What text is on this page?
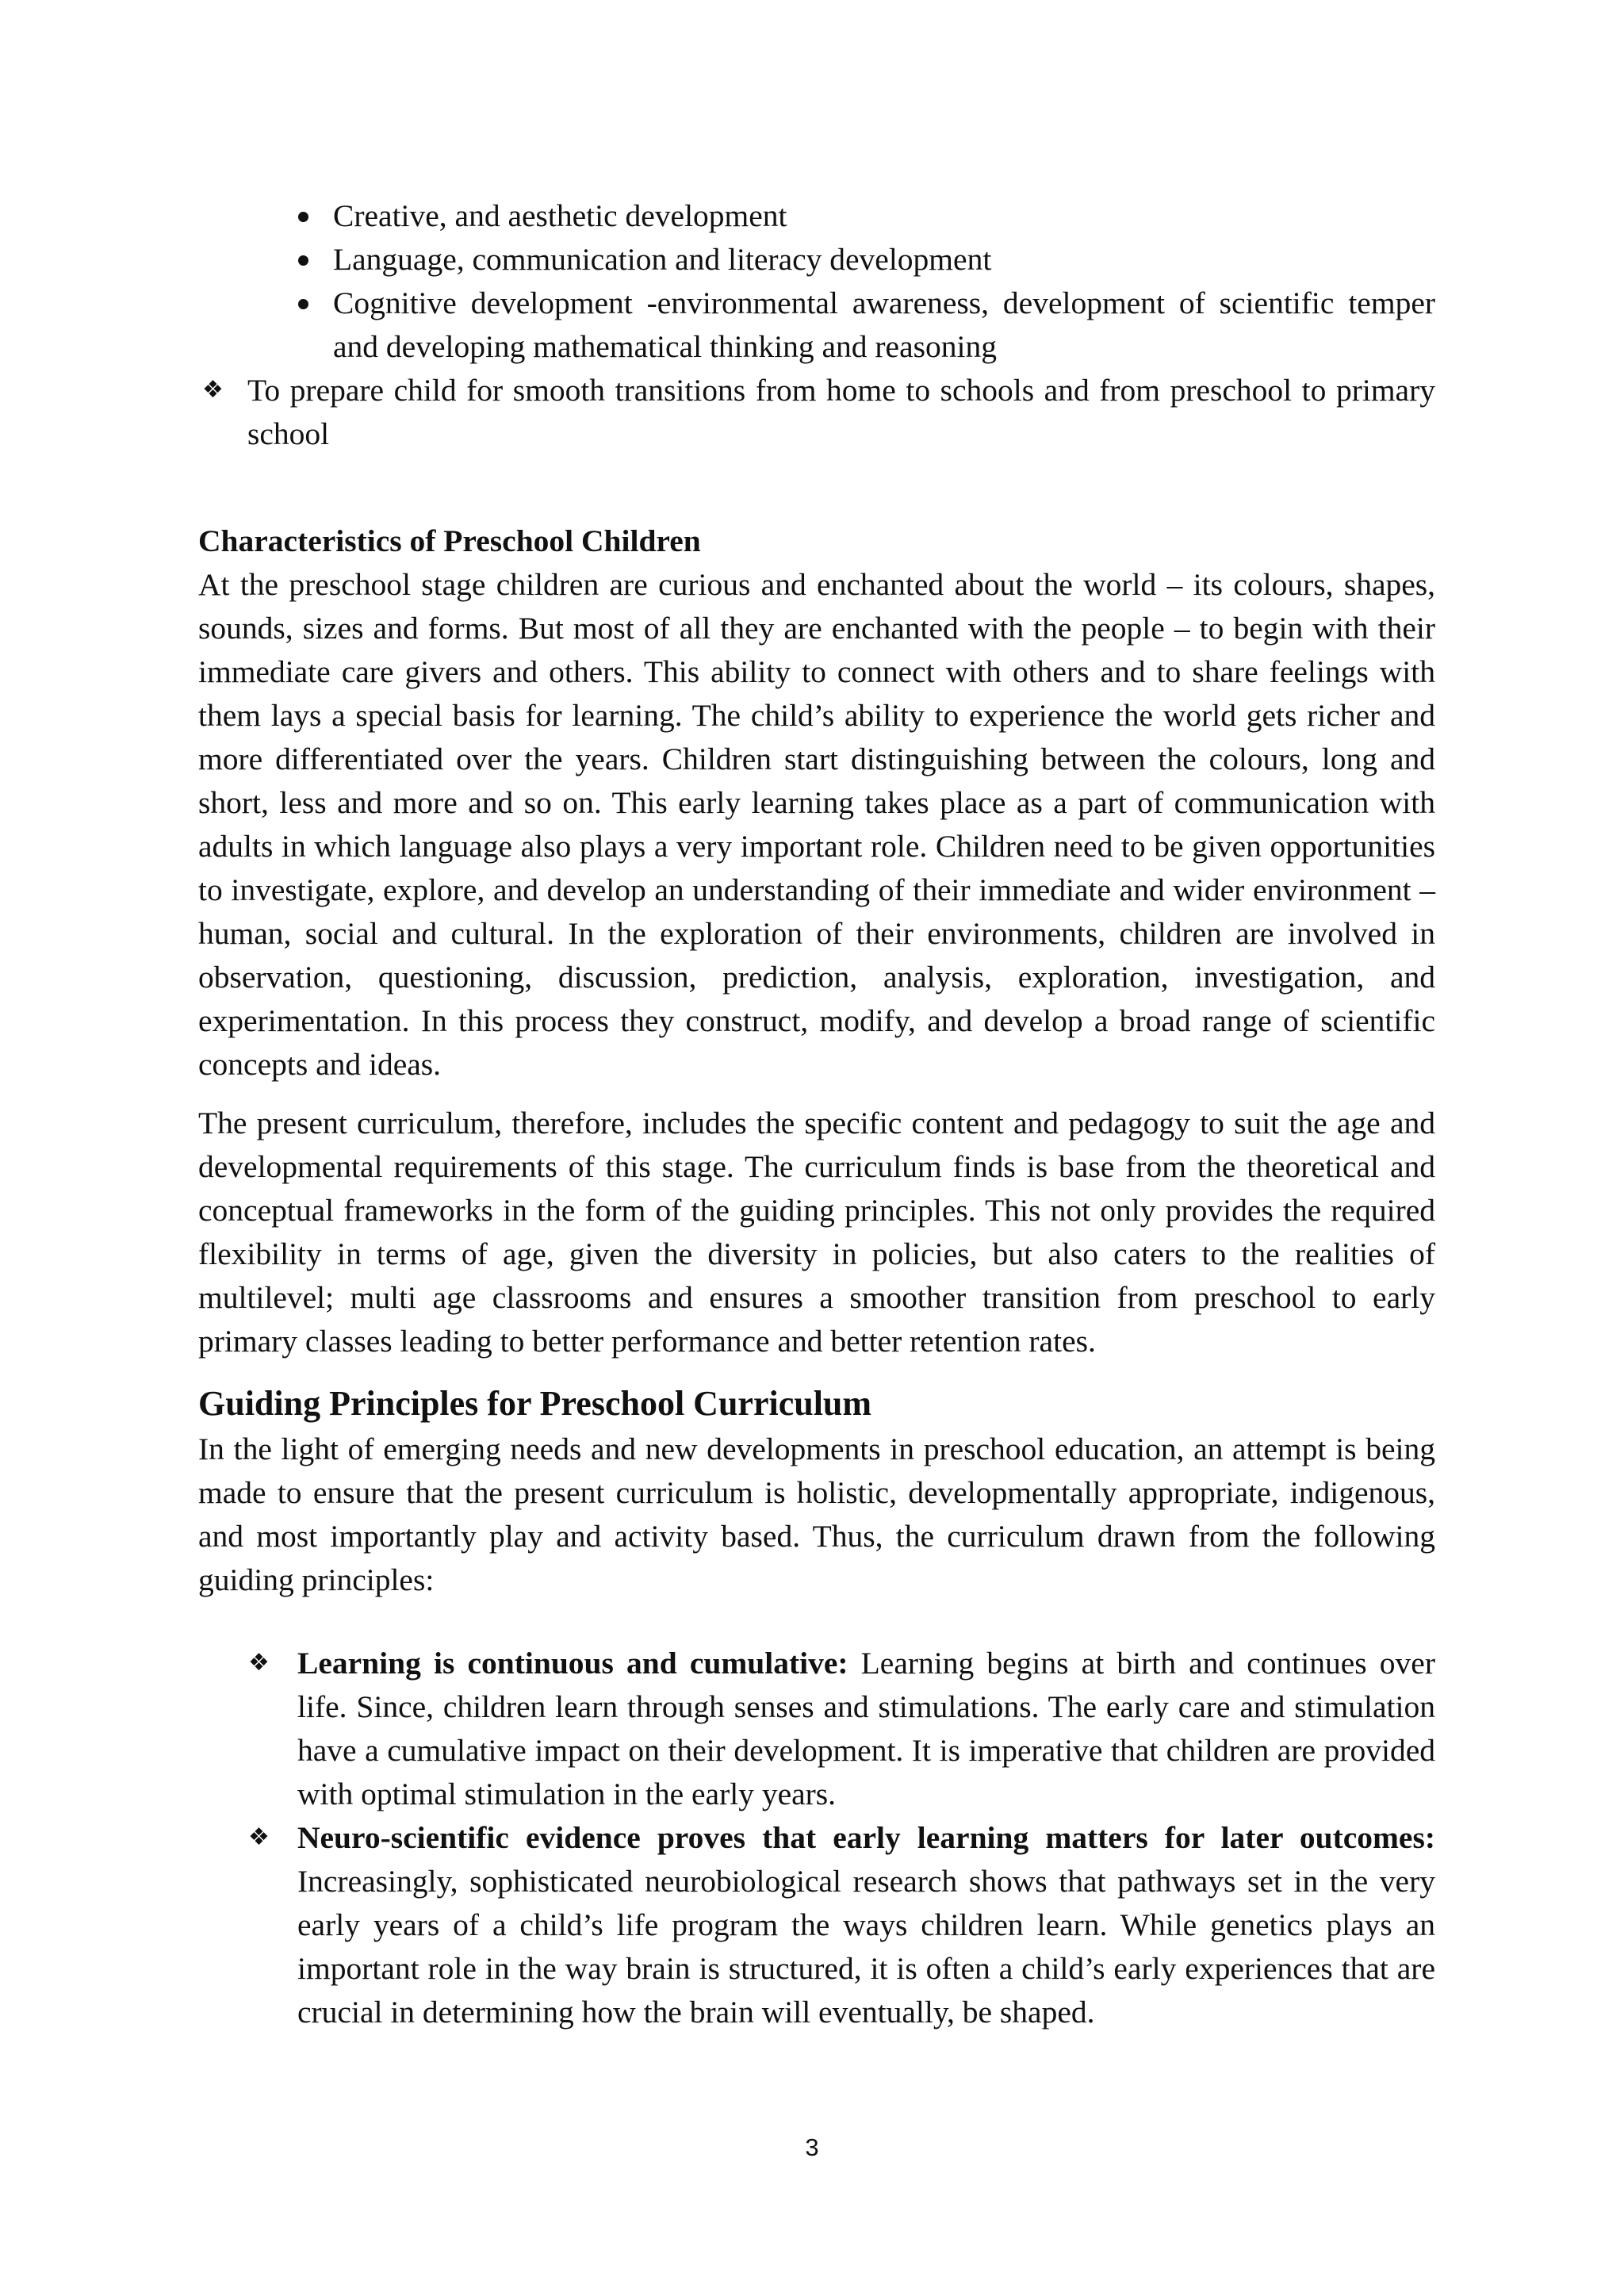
Creative, and aesthetic development
Language, communication and literacy development
Cognitive development -environmental awareness, development of scientific temper and developing mathematical thinking and reasoning
❖ To prepare child for smooth transitions from home to schools and from preschool to primary school

Characteristics of Preschool Children

At the preschool stage children are curious and enchanted about the world – its colours, shapes, sounds, sizes and forms. But most of all they are enchanted with the people – to begin with their immediate care givers and others. This ability to connect with others and to share feelings with them lays a special basis for learning. The child’s ability to experience the world gets richer and more differentiated over the years. Children start distinguishing between the colours, long and short, less and more and so on. This early learning takes place as a part of communication with adults in which language also plays a very important role. Children need to be given opportunities to investigate, explore, and develop an understanding of their immediate and wider environment – human, social and cultural. In the exploration of their environments, children are involved in observation, questioning, discussion, prediction, analysis, exploration, investigation, and experimentation. In this process they construct, modify, and develop a broad range of scientific concepts and ideas.

The present curriculum, therefore, includes the specific content and pedagogy to suit the age and developmental requirements of this stage. The curriculum finds is base from the theoretical and conceptual frameworks in the form of the guiding principles. This not only provides the required flexibility in terms of age, given the diversity in policies, but also caters to the realities of multilevel; multi age classrooms and ensures a smoother transition from preschool to early primary classes leading to better performance and better retention rates.

Guiding Principles for Preschool Curriculum

In the light of emerging needs and new developments in preschool education, an attempt is being made to ensure that the present curriculum is holistic, developmentally appropriate, indigenous, and most importantly play and activity based. Thus, the curriculum drawn from the following guiding principles:

❖ Learning is continuous and cumulative: Learning begins at birth and continues over life. Since, children learn through senses and stimulations. The early care and stimulation have a cumulative impact on their development. It is imperative that children are provided with optimal stimulation in the early years.
❖ Neuro-scientific evidence proves that early learning matters for later outcomes: Increasingly, sophisticated neurobiological research shows that pathways set in the very early years of a child’s life program the ways children learn. While genetics plays an important role in the way brain is structured, it is often a child’s early experiences that are crucial in determining how the brain will eventually, be shaped.
3
